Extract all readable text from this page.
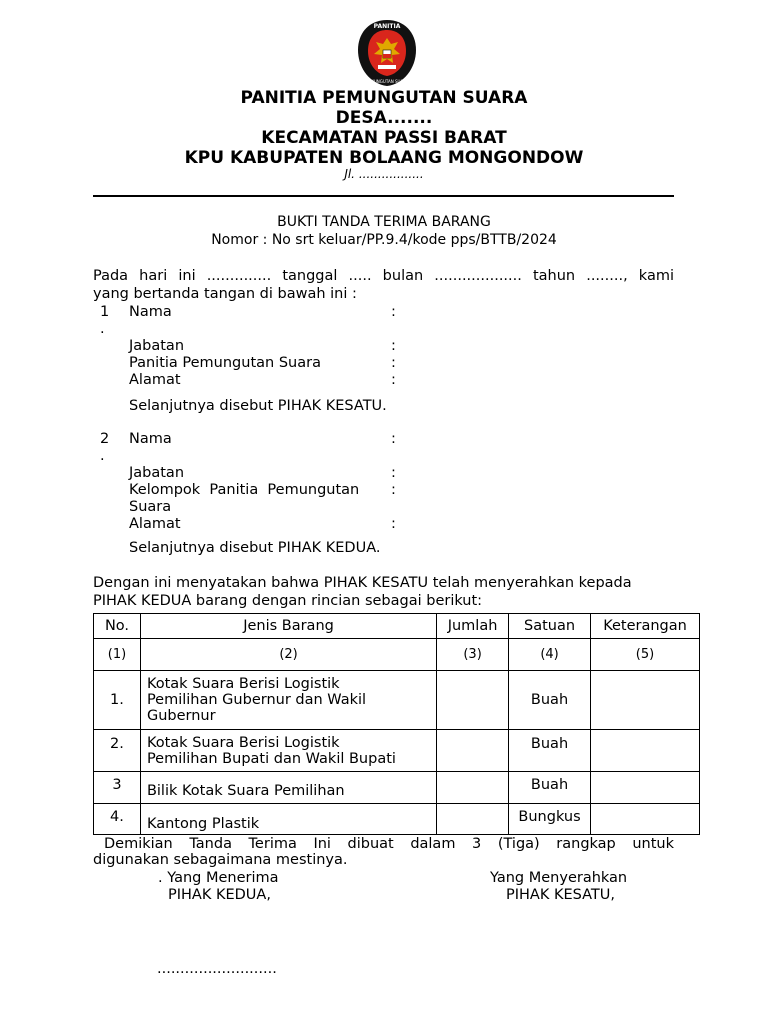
PANITIA
PEMUNGUTAN SUARA
PANITIA PEMUNGUTAN SUARA
DESA.......
KECAMATAN PASSI BARAT
KPU KABUPATEN BOLAANG MONGONDOW
Jl. .................
BUKTI TANDA TERIMA BARANG
Nomor : No srt keluar/PP.9.4/kode pps/BTTB/2024
Pada hari ini .............. tanggal ..... bulan ................... tahun ........, kami
yang bertanda tangan di bawah ini :
1
.
Nama	:
Jabatan	:
Panitia Pemungutan Suara	:
Alamat	:
Selanjutnya disebut PIHAK KESATU.
2
.
Nama	:
Jabatan	:
Kelompok  Panitia  Pemungutan :
Suara
Alamat	:
Selanjutnya disebut PIHAK KEDUA.
Dengan ini menyatakan bahwa PIHAK KESATU telah menyerahkan kepada
PIHAK KEDUA barang dengan rincian sebagai berikut:
No.	Jenis Barang	Jumlah	Satuan	Keterangan
(1)	(2)	(3)	(4)	(5)
1.	Kotak Suara Berisi Logistik
Pemilihan Gubernur dan Wakil
Gubernur		Buah	
2.	Kotak Suara Berisi Logistik
Pemilihan Bupati dan Wakil Bupati		Buah	
3	Bilik Kotak Suara Pemilihan		Buah	
4.	Kantong Plastik		Bungkus	
Demikian  Tanda  Terima  Ini  dibuat  dalam  3  (Tiga)  rangkap  untuk
digunakan sebagaimana mestinya.
. Yang Menerima
PIHAK KEDUA,
Yang Menyerahkan
PIHAK KESATU,
..........................
